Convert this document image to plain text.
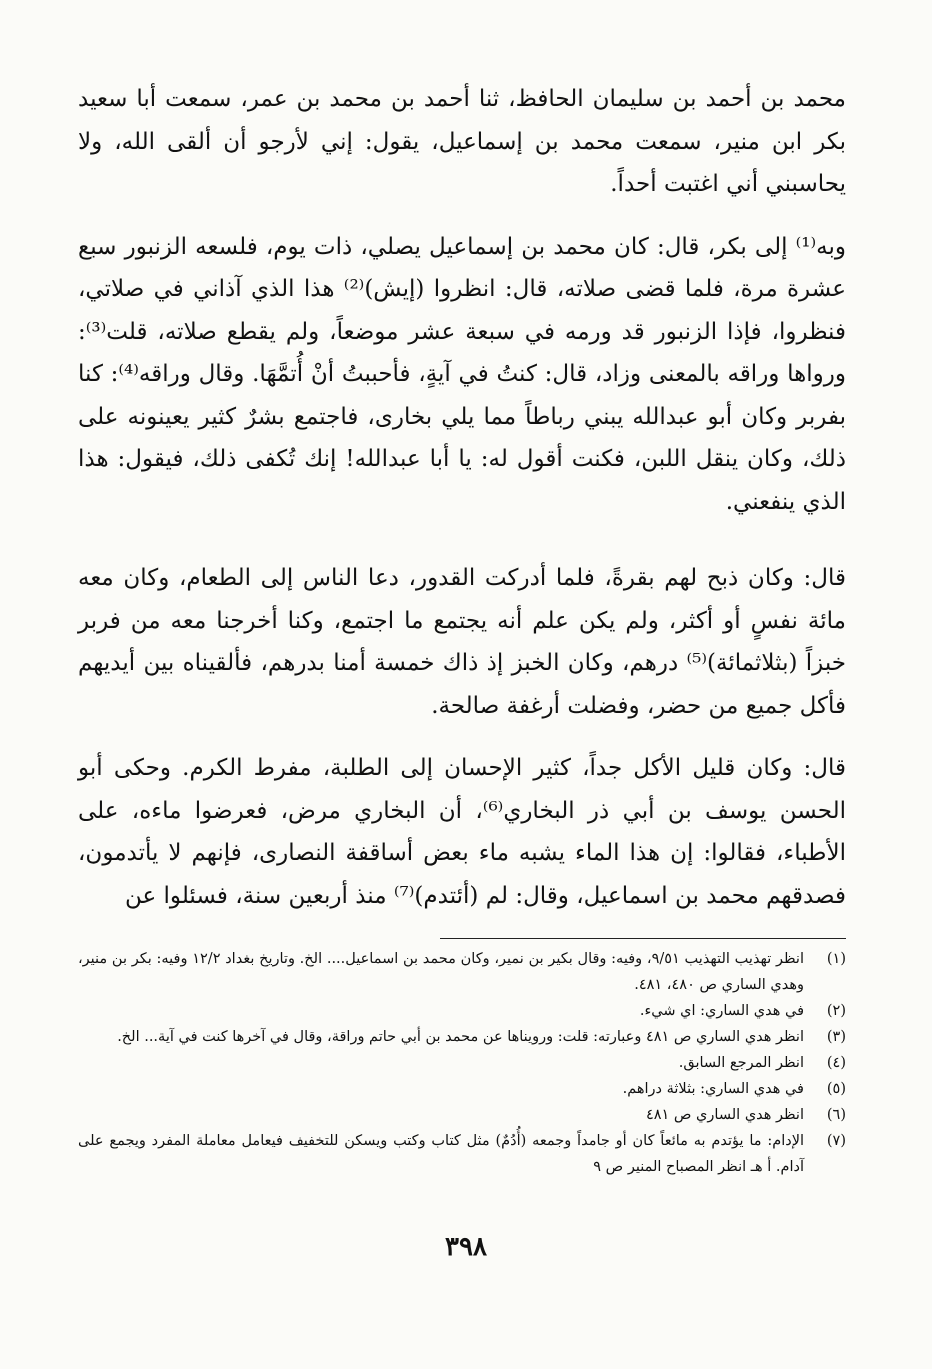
محمد بن أحمد بن سليمان الحافظ، ثنا أحمد بن محمد بن عمر، سمعت أبا سعيد بكر ابن منير، سمعت محمد بن إسماعيل، يقول: إني لأرجو أن ألقى الله، ولا يحاسبني أني اغتبت أحداً.

وبه⁽¹⁾ إلى بكر، قال: كان محمد بن إسماعيل يصلي، ذات يوم، فلسعه الزنبور سبع عشرة مرة، فلما قضى صلاته، قال: انظروا (إيش)⁽²⁾ هذا الذي آذاني في صلاتي، فنظروا، فإذا الزنبور قد ورمه في سبعة عشر موضعاً، ولم يقطع صلاته، قلت⁽³⁾: ورواها وراقه بالمعنى وزاد، قال: كنتُ في آيةٍ، فأحببتُ أنْ أُتمَّهَا. وقال وراقه⁽⁴⁾: كنا بفربر وكان أبو عبدالله يبني رباطاً مما يلي بخارى، فاجتمع بشرٌ كثير يعينونه على ذلك، وكان ينقل اللبن، فكنت أقول له: يا أبا عبدالله! إنك تُكفى ذلك، فيقول: هذا الذي ينفعني.

قال: وكان ذبح لهم بقرةً، فلما أدركت القدور، دعا الناس إلى الطعام، وكان معه مائة نفسٍ أو أكثر، ولم يكن علم أنه يجتمع ما اجتمع، وكنا أخرجنا معه من فربر خبزاً (بثلاثمائة)⁽⁵⁾ درهم، وكان الخبز إذ ذاك خمسة أمنا بدرهم، فألقيناه بين أيديهم فأكل جميع من حضر، وفضلت أرغفة صالحة.

قال: وكان قليل الأكل جداً، كثير الإحسان إلى الطلبة، مفرط الكرم. وحكى أبو الحسن يوسف بن أبي ذر البخاري⁽⁶⁾، أن البخاري مرض، فعرضوا ماءه، على الأطباء، فقالوا: إن هذا الماء يشبه ماء بعض أساقفة النصارى، فإنهم لا يأتدمون، فصدقهم محمد بن اسماعيل، وقال: لم (أئتدم)⁽⁷⁾ منذ أربعين سنة، فسئلوا عن

(١)
انظر تهذيب التهذيب ٩/٥١، وفيه: وقال بكير بن نمير، وكان محمد بن اسماعيل.... الخ. وتاريخ بغداد ١٢/٢ وفيه: بكر بن منير، وهدي الساري ص ٤٨٠، ٤٨١.
(٢)
في هدي الساري: اي شيء.
(٣)
انظر هدي الساري ص ٤٨١ وعبارته: قلت: ورويناها عن محمد بن أبي حاتم وراقة، وقال في آخرها كنت في آية... الخ.
(٤)
انظر المرجع السابق.
(٥)
في هدي الساري: بثلاثة دراهم.
(٦)
انظر هدي الساري ص ٤٨١
(٧)
الإدام: ما يؤتدم به مائعاً كان أو جامداً وجمعه (أُدُمٌ) مثل كتاب وكتب ويسكن للتخفيف فيعامل معاملة المفرد ويجمع على آدام. أ هـ انظر المصباح المنير ص ٩
٣٩٨
